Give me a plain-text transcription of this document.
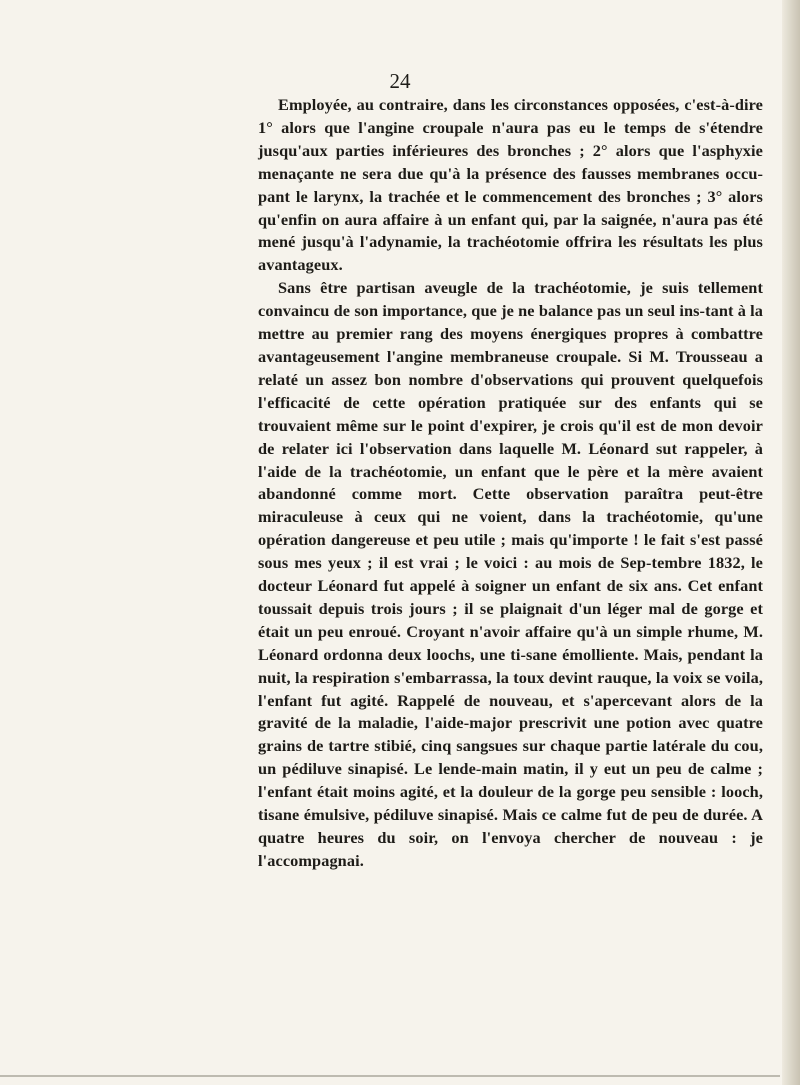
24

Employée, au contraire, dans les circonstances opposées, c'est-à-dire 1° alors que l'angine croupale n'aura pas eu le temps de s'étendre jusqu'aux parties inférieures des bronches ; 2° alors que l'asphyxie menaçante ne sera due qu'à la présence des fausses membranes occu-pant le larynx, la trachée et le commencement des bronches ; 3° alors qu'enfin on aura affaire à un enfant qui, par la saignée, n'aura pas été mené jusqu'à l'adynamie, la trachéotomie offrira les résultats les plus avantageux.

Sans être partisan aveugle de la trachéotomie, je suis tellement convaincu de son importance, que je ne balance pas un seul ins-tant à la mettre au premier rang des moyens énergiques propres à combattre avantageusement l'angine membraneuse croupale. Si M. Trousseau a relaté un assez bon nombre d'observations qui prouvent quelquefois l'efficacité de cette opération pratiquée sur des enfants qui se trouvaient même sur le point d'expirer, je crois qu'il est de mon devoir de relater ici l'observation dans laquelle M. Léonard sut rappeler, à l'aide de la trachéotomie, un enfant que le père et la mère avaient abandonné comme mort. Cette observation paraîtra peut-être miraculeuse à ceux qui ne voient, dans la trachéotomie, qu'une opération dangereuse et peu utile ; mais qu'importe ! le fait s'est passé sous mes yeux ; il est vrai ; le voici : au mois de Sep-tembre 1832, le docteur Léonard fut appelé à soigner un enfant de six ans. Cet enfant toussait depuis trois jours ; il se plaignait d'un léger mal de gorge et était un peu enroué. Croyant n'avoir affaire qu'à un simple rhume, M. Léonard ordonna deux loochs, une ti-sane émolliente. Mais, pendant la nuit, la respiration s'embarrassa, la toux devint rauque, la voix se voila, l'enfant fut agité. Rappelé de nouveau, et s'apercevant alors de la gravité de la maladie, l'aide-major prescrivit une potion avec quatre grains de tartre stibié, cinq sangsues sur chaque partie latérale du cou, un pédiluve sinapisé. Le lende-main matin, il y eut un peu de calme ; l'enfant était moins agité, et la douleur de la gorge peu sensible : looch, tisane émulsive, pédiluve sinapisé. Mais ce calme fut de peu de durée. A quatre heures du soir, on l'envoya chercher de nouveau : je l'accompagnai.
